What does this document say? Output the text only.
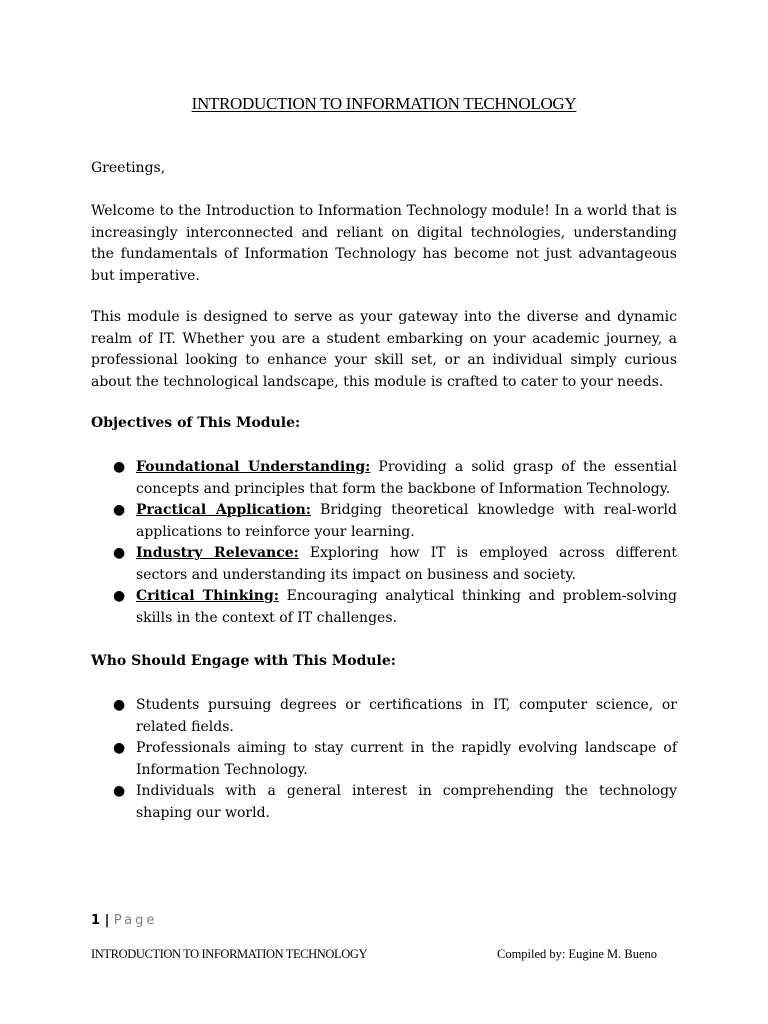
INTRODUCTION TO INFORMATION TECHNOLOGY

Greetings,

Welcome to the Introduction to Information Technology module! In a world that is increasingly interconnected and reliant on digital technologies, understanding the fundamentals of Information Technology has become not just advantageous but imperative.

This module is designed to serve as your gateway into the diverse and dynamic realm of IT. Whether you are a student embarking on your academic journey, a professional looking to enhance your skill set, or an individual simply curious about the technological landscape, this module is crafted to cater to your needs.

Objectives of This Module:

● Foundational Understanding: Providing a solid grasp of the essential concepts and principles that form the backbone of Information Technology.
● Practical Application: Bridging theoretical knowledge with real-world applications to reinforce your learning.
● Industry Relevance: Exploring how IT is employed across different sectors and understanding its impact on business and society.
● Critical Thinking: Encouraging analytical thinking and problem-solving skills in the context of IT challenges.

Who Should Engage with This Module:

● Students pursuing degrees or certifications in IT, computer science, or related fields.
● Professionals aiming to stay current in the rapidly evolving landscape of Information Technology.
● Individuals with a general interest in comprehending the technology shaping our world.

1 | Page

INTRODUCTION TO INFORMATION TECHNOLOGY	Compiled by: Eugine M. Bueno
